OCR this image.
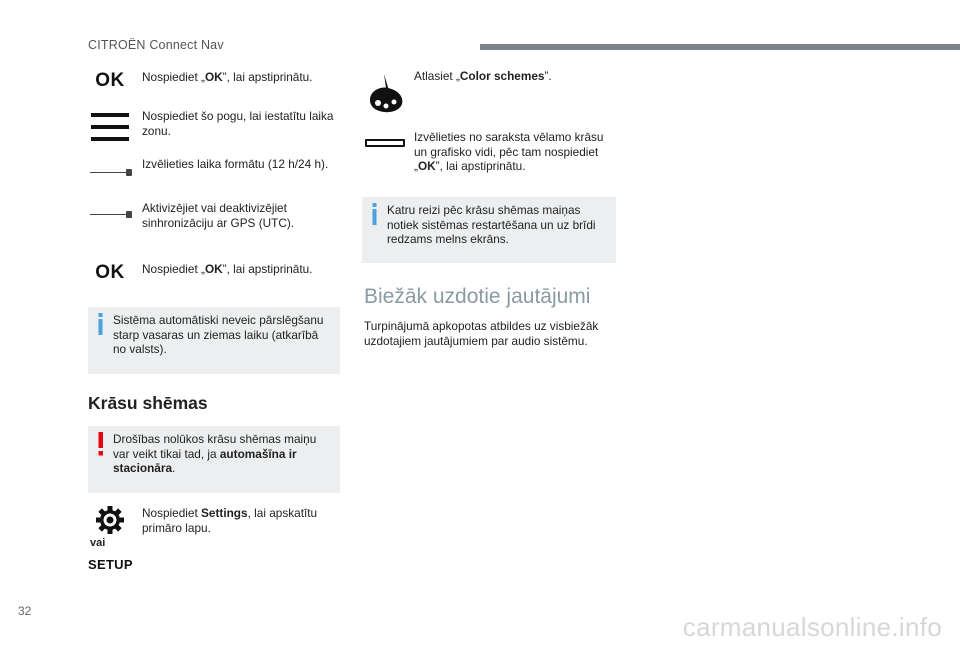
CITROËN Connect Nav
OK Nospiediet „OK”, lai apstiprinātu.
Nospiediet šo pogu, lai iestatītu laika zonu.
Izvēlieties laika formātu (12 h/24 h).
Aktivizējiet vai deaktivizējiet sinhronizāciju ar GPS (UTC).
OK Nospiediet „OK”, lai apstiprinātu.
Sistēma automātiski neveic pārslēgšanu starp vasaras un ziemas laiku (atkarībā no valsts).
Krāsu shēmas
Drošības nolūkos krāsu shēmas maiņu var veikt tikai tad, ja automašīna ir stacionāra.
vai
SETUP
Nospiediet Settings, lai apskatītu primāro lapu.
Atlasiet „Color schemes”.
Izvēlieties no saraksta vēlamo krāsu un grafisko vidi, pēc tam nospiediet „OK”, lai apstiprinātu.
Katru reizi pēc krāsu shēmas maiņas notiek sistēmas restartēšana un uz brīdi redzams melns ekrāns.
Biežāk uzdotie jautājumi
Turpinājumā apkopotas atbildes uz visbiežāk uzdotajiem jautājumiem par audio sistēmu.
32
carmanualsonline.info
